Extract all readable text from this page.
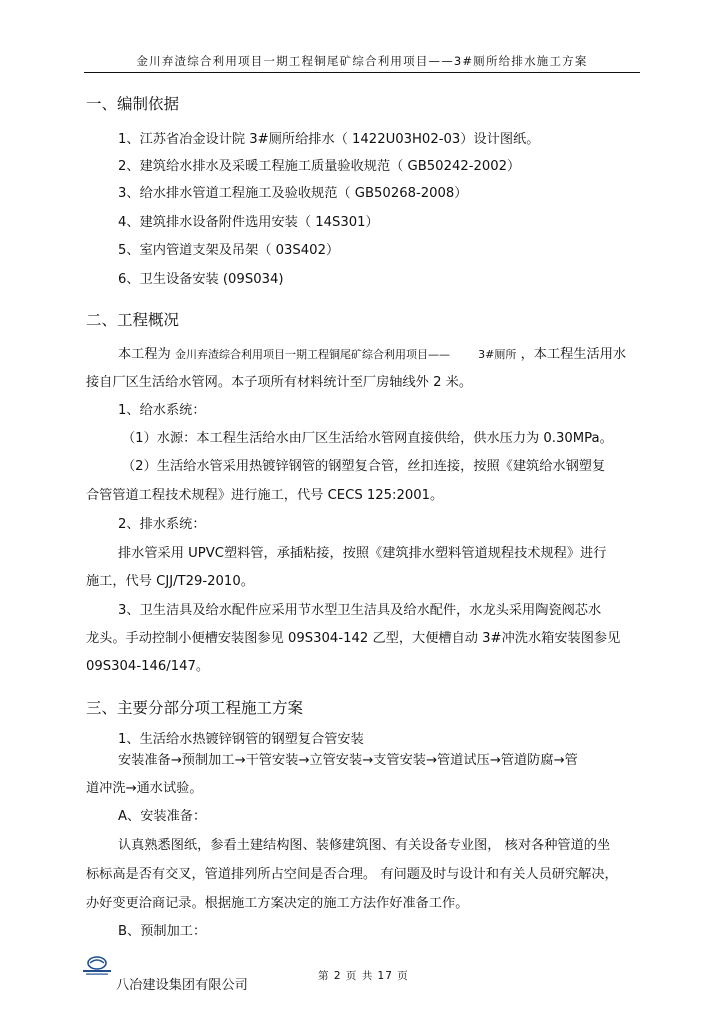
金川弃渣综合利用项目一期工程铜尾矿综合利用项目——3#厕所给排水施工方案
一、编制依据
1、江苏省冶金设计院 3#厕所给排水（ 1422U03H02-03）设计图纸。
2、建筑给水排水及采暖工程施工质量验收规范（ GB50242-2002）
3、给水排水管道工程施工及验收规范（ GB50268-2008）
4、建筑排水设备附件选用安装（ 14S301）
5、室内管道支架及吊架（ 03S402）
6、卫生设备安装 (09S034)
二、工程概况
本工程为 金川弃渣综合利用项目一期工程铜尾矿综合利用项目——	3#厕所 ，本工程生活用水
接自厂区生活给水管网。本子项所有材料统计至厂房轴线外 2 米。
1、给水系统：
（1）水源：本工程生活给水由厂区生活给水管网直接供给，供水压力为 0.30MPa。
（2）生活给水管采用热镀锌钢管的钢塑复合管，丝扣连接，按照《建筑给水钢塑复
合管管道工程技术规程》进行施工，代号 CECS 125:2001。
2、排水系统：
排水管采用 UPVC塑料管，承插粘接，按照《建筑排水塑料管道规程技术规程》进行
施工，代号 CJJ/T29-2010。
3、卫生洁具及给水配件应采用节水型卫生洁具及给水配件，水龙头采用陶瓷阀芯水
龙头。手动控制小便槽安装图参见 09S304-142 乙型，大便槽自动 3#冲洗水箱安装图参见
09S304-146/147。
三、主要分部分项工程施工方案
1、生活给水热镀锌钢管的钢塑复合管安装
安装准备→预制加工→干管安装→立管安装→支管安装→管道试压→管道防腐→管
道冲洗→通水试验。
A、安装准备：
认真熟悉图纸，参看土建结构图、装修建筑图、有关设备专业图， 核对各种管道的坐
标标高是否有交叉，管道排列所占空间是否合理。 有问题及时与设计和有关人员研究解决，
办好变更洽商记录。根据施工方案决定的施工方法作好准备工作。
B、预制加工：
八冶建设集团有限公司
第 2 页 共 17 页
